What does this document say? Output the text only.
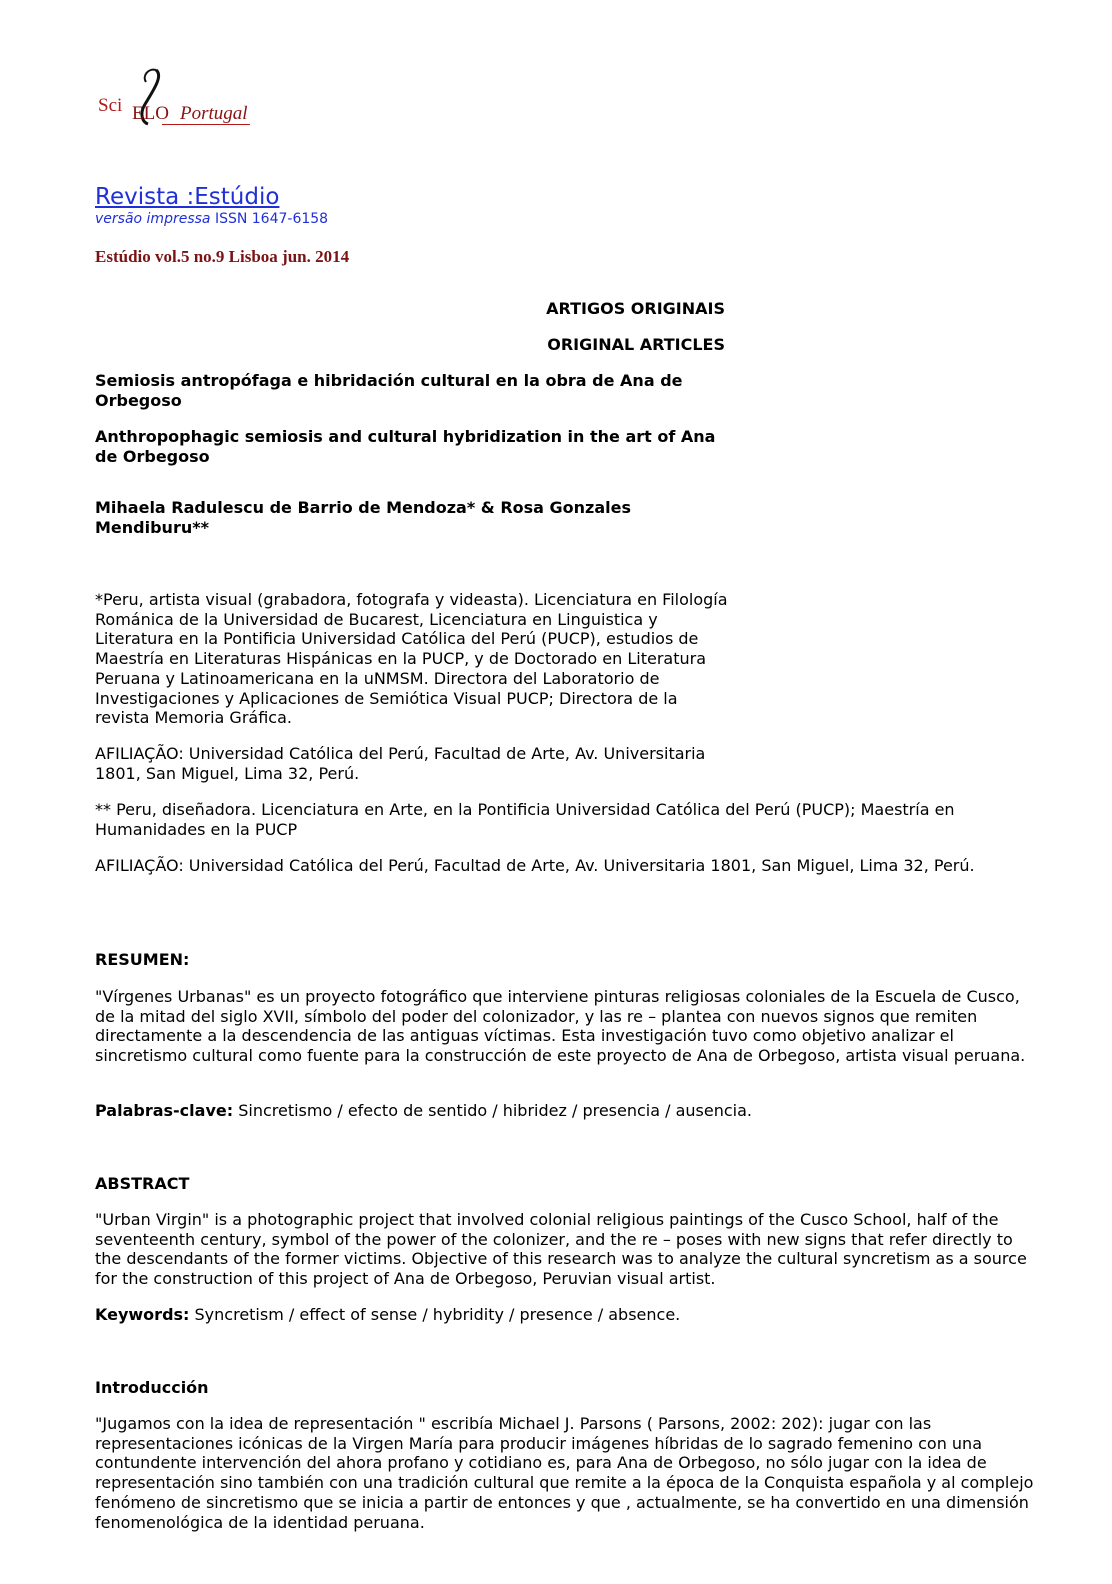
Sci ELO Portugal
Revista :Estúdio
versão impressa ISSN 1647-6158
Estúdio vol.5 no.9 Lisboa jun. 2014
ARTIGOS ORIGINAIS
ORIGINAL ARTICLES
Semiosis antropófaga e hibridación cultural en la obra de Ana de Orbegoso
Anthropophagic semiosis and cultural hybridization in the art of Ana de Orbegoso
Mihaela Radulescu de Barrio de Mendoza* & Rosa Gonzales Mendiburu**
*Peru, artista visual (grabadora, fotografa y videasta). Licenciatura en Filología Románica de la Universidad de Bucarest, Licenciatura en Linguistica y Literatura en la Pontificia Universidad Católica del Perú (PUCP), estudios de Maestría en Literaturas Hispánicas en la PUCP, y de Doctorado en Literatura Peruana y Latinoamericana en la uNMSM. Directora del Laboratorio de Investigaciones y Aplicaciones de Semiótica Visual PUCP; Directora de la revista Memoria Gráfica.
AFILIAÇÃO: Universidad Católica del Perú, Facultad de Arte, Av. Universitaria 1801, San Miguel, Lima 32, Perú.
** Peru, diseñadora. Licenciatura en Arte, en la Pontificia Universidad Católica del Perú (PUCP); Maestría en Humanidades en la PUCP
AFILIAÇÃO: Universidad Católica del Perú, Facultad de Arte, Av. Universitaria 1801, San Miguel, Lima 32, Perú.
RESUMEN:
"Vírgenes Urbanas" es un proyecto fotográfico que interviene pinturas religiosas coloniales de la Escuela de Cusco, de la mitad del siglo XVII, símbolo del poder del colonizador, y las re – plantea con nuevos signos que remiten directamente a la descendencia de las antiguas víctimas. Esta investigación tuvo como objetivo analizar el sincretismo cultural como fuente para la construcción de este proyecto de Ana de Orbegoso, artista visual peruana.
Palabras-clave: Sincretismo / efecto de sentido / hibridez / presencia / ausencia.
ABSTRACT
"Urban Virgin" is a photographic project that involved colonial religious paintings of the Cusco School, half of the seventeenth century, symbol of the power of the colonizer, and the re – poses with new signs that refer directly to the descendants of the former victims. Objective of this research was to analyze the cultural syncretism as a source for the construction of this project of Ana de Orbegoso, Peruvian visual artist.
Keywords: Syncretism / effect of sense / hybridity / presence / absence.
Introducción
"Jugamos con la idea de representación " escribía Michael J. Parsons ( Parsons, 2002: 202): jugar con las representaciones icónicas de la Virgen María para producir imágenes híbridas de lo sagrado femenino con una contundente intervención del ahora profano y cotidiano es, para Ana de Orbegoso, no sólo jugar con la idea de representación sino también con una tradición cultural que remite a la época de la Conquista española y al complejo fenómeno de sincretismo que se inicia a partir de entonces y que , actualmente, se ha convertido en una dimensión fenomenológica de la identidad peruana.
